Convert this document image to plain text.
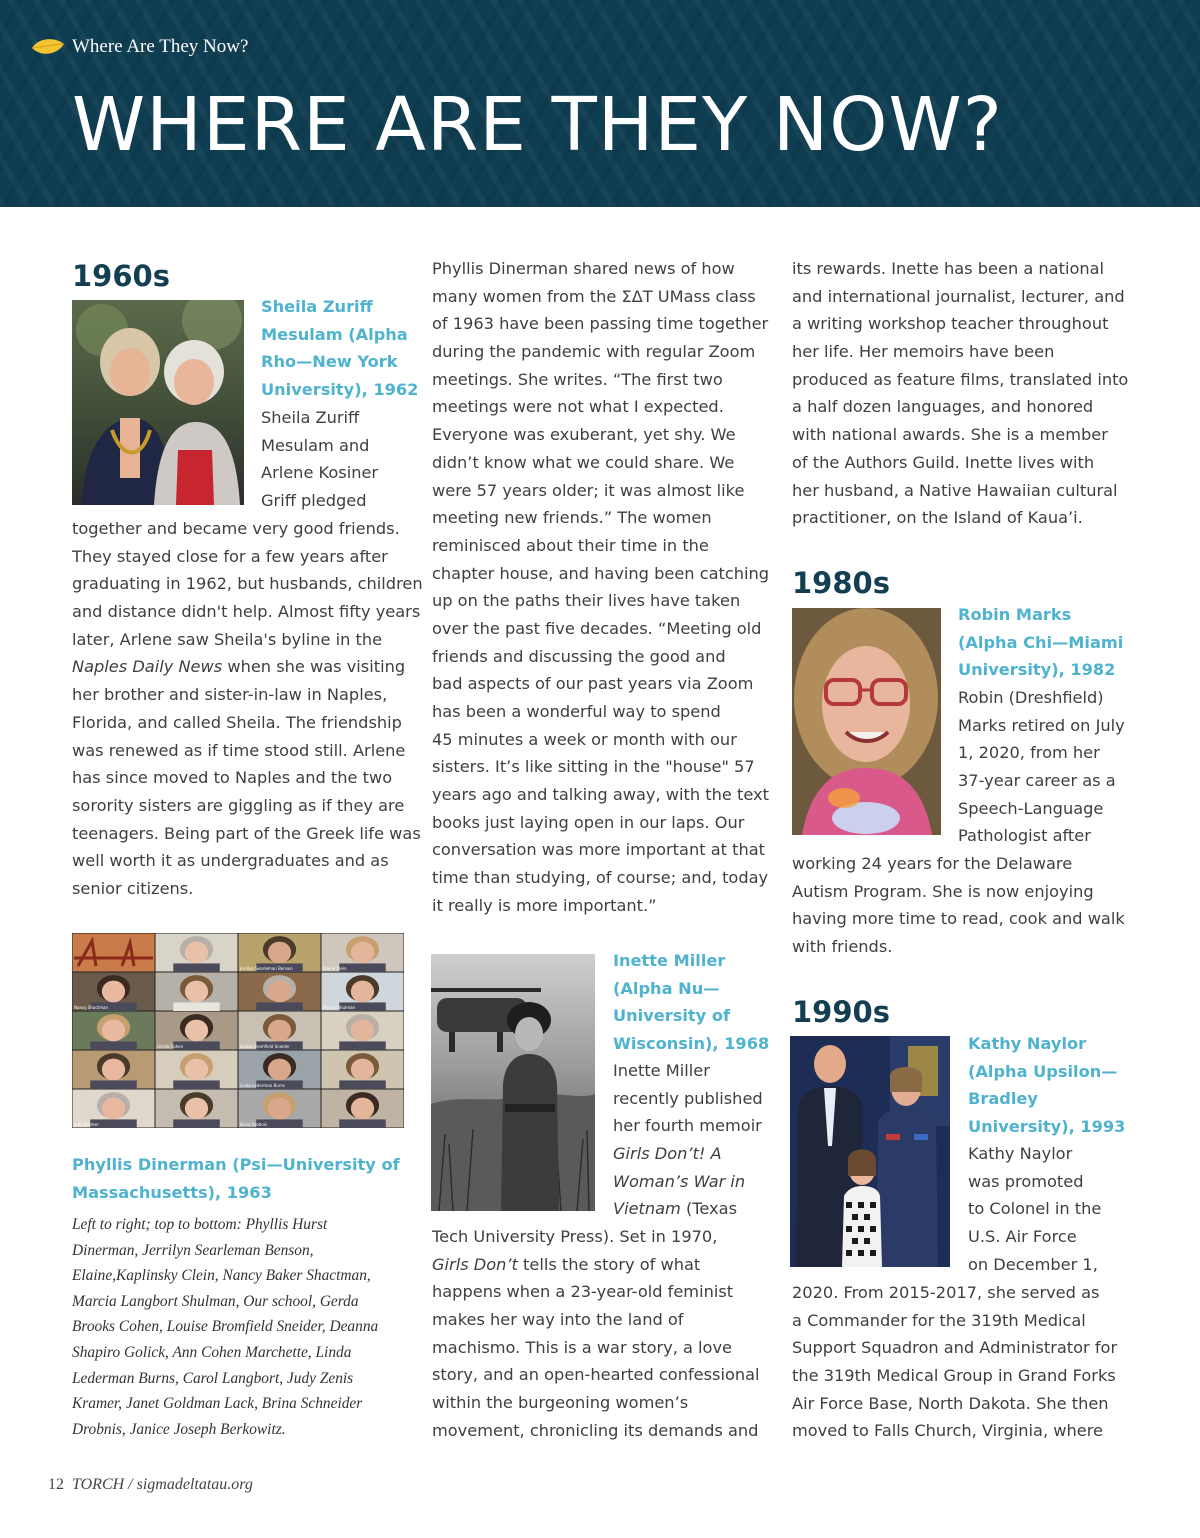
Where Are They Now?
WHERE ARE THEY NOW?
1960s
Sheila Zuriff
Mesulam (Alpha
Rho—New York
University), 1962
Sheila Zuriff
Mesulam and
Arlene Kosiner
Griff pledged
together and became very good friends.
They stayed close for a few years after
graduating in 1962, but husbands, children
and distance didn't help. Almost fifty years
later, Arlene saw Sheila's byline in the
Naples Daily News when she was visiting
her brother and sister-in-law in Naples,
Florida, and called Sheila. The friendship
was renewed as if time stood still. Arlene
has since moved to Naples and the two
sorority sisters are giggling as if they are
teenagers. Being part of the Greek life was
well worth it as undergraduates and as
senior citizens.
Jerrilyn Searleman Benson	Elaine Clein
Nancy Shactman	Marcia Shulman
Gerda Cohen	Louise Bromfield Sneider
Linda Lederman Burns
Judy Kramer	Brina Drobnis
Phyllis Dinerman (Psi—University of
Massachusetts), 1963
Left to right; top to bottom: Phyllis Hurst
Dinerman, Jerrilyn Searleman Benson,
Elaine,Kaplinsky Clein, Nancy Baker Shactman,
Marcia Langbort Shulman, Our school, Gerda
Brooks Cohen, Louise Bromfield Sneider, Deanna
Shapiro Golick, Ann Cohen Marchette, Linda
Lederman Burns, Carol Langbort, Judy Zenis
Kramer, Janet Goldman Lack, Brina Schneider
Drobnis, Janice Joseph Berkowitz.
Phyllis Dinerman shared news of how
many women from the ΣΔΤ UMass class
of 1963 have been passing time together
during the pandemic with regular Zoom
meetings. She writes. “The first two
meetings were not what I expected.
Everyone was exuberant, yet shy. We
didn’t know what we could share. We
were 57 years older; it was almost like
meeting new friends.” The women
reminisced about their time in the
chapter house, and having been catching
up on the paths their lives have taken
over the past five decades. “Meeting old
friends and discussing the good and
bad aspects of our past years via Zoom
has been a wonderful way to spend
45 minutes a week or month with our
sisters. It’s like sitting in the "house" 57
years ago and talking away, with the text
books just laying open in our laps. Our
conversation was more important at that
time than studying, of course; and, today
it really is more important.”
Inette Miller
(Alpha Nu—
University of
Wisconsin), 1968
Inette Miller
recently published
her fourth memoir
Girls Don’t! A
Woman’s War in
Vietnam (Texas
Tech University Press). Set in 1970,
Girls Don’t tells the story of what
happens when a 23-year-old feminist
makes her way into the land of
machismo. This is a war story, a love
story, and an open-hearted confessional
within the burgeoning women’s
movement, chronicling its demands and
its rewards. Inette has been a national
and international journalist, lecturer, and
a writing workshop teacher throughout
her life. Her memoirs have been
produced as feature films, translated into
a half dozen languages, and honored
with national awards. She is a member
of the Authors Guild. Inette lives with
her husband, a Native Hawaiian cultural
practitioner, on the Island of Kaua’i.
1980s
Robin Marks
(Alpha Chi—Miami
University), 1982
Robin (Dreshfield)
Marks retired on July
1, 2020, from her
37-year career as a
Speech-Language
Pathologist after
working 24 years for the Delaware
Autism Program. She is now enjoying
having more time to read, cook and walk
with friends.
1990s
Kathy Naylor
(Alpha Upsilon—
Bradley
University), 1993
Kathy Naylor
was promoted
to Colonel in the
U.S. Air Force
on December 1,
2020. From 2015-2017, she served as
a Commander for the 319th Medical
Support Squadron and Administrator for
the 319th Medical Group in Grand Forks
Air Force Base, North Dakota. She then
moved to Falls Church, Virginia, where
12 TORCH / sigmadeltatau.org
